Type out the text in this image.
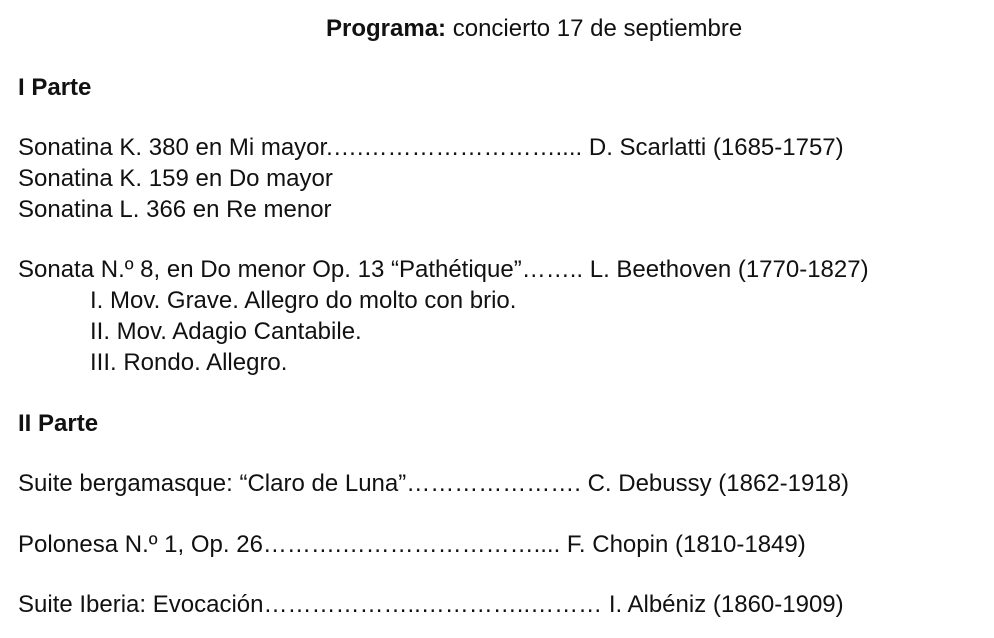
Programa: concierto 17 de septiembre
I Parte
Sonatina K. 380 en Mi mayor.….…………………….... D. Scarlatti (1685-1757)
Sonatina K. 159 en Do mayor
Sonatina L. 366 en Re menor
Sonata N.º 8, en Do menor Op. 13 “Pathétique”…….. L. Beethoven (1770-1827)
I. Mov. Grave. Allegro do molto con brio.
II. Mov. Adagio Cantabile.
III. Rondo. Allegro.
II Parte
Suite bergamasque: “Claro de Luna”…………………. C. Debussy (1862-1918)
Polonesa N.º 1, Op. 26……….…………………….... F. Chopin (1810-1849)
Suite Iberia: Evocación………………..…………..……… I. Albéniz (1860-1909)
